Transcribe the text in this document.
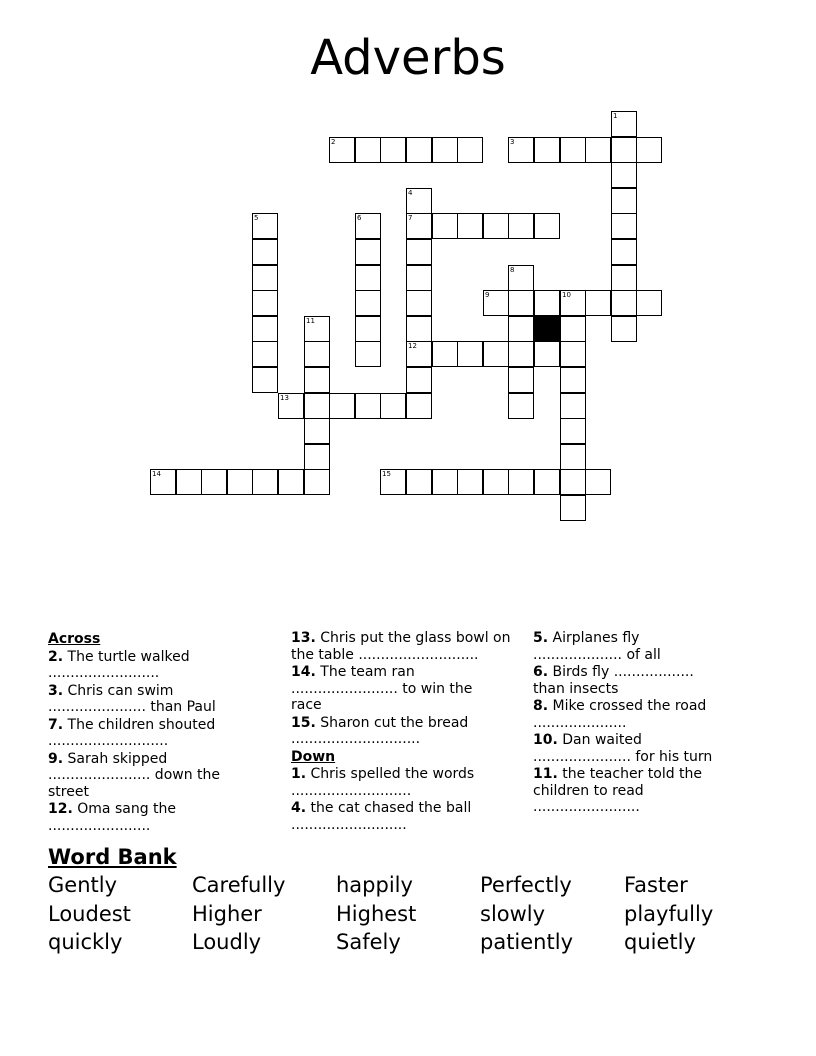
Adverbs
1
2	3
4
7
12
5	6
8
9	10
11
13
14	15
Across
2. The turtle walked
.........................
3. Chris can swim
...................... than Paul
7. The children shouted
...........................
9. Sarah skipped
....................... down the
street
12. Oma sang the
.......................
13. Chris put the glass bowl on
the table ...........................
14. The team ran
........................ to win the
race
15. Sharon cut the bread
.............................
Down
1. Chris spelled the words
...........................
4. the cat chased the ball
..........................
5. Airplanes fly
.................... of all
6. Birds fly ..................
than insects
8. Mike crossed the road
.....................
10. Dan waited
...................... for his turn
11. the teacher told the
children to read
........................
Word Bank
Gently	Carefully happily	Perfectly Faster
Loudest	Higher	Highest	slowly	playfully
quickly	Loudly	Safely	patiently quietly
